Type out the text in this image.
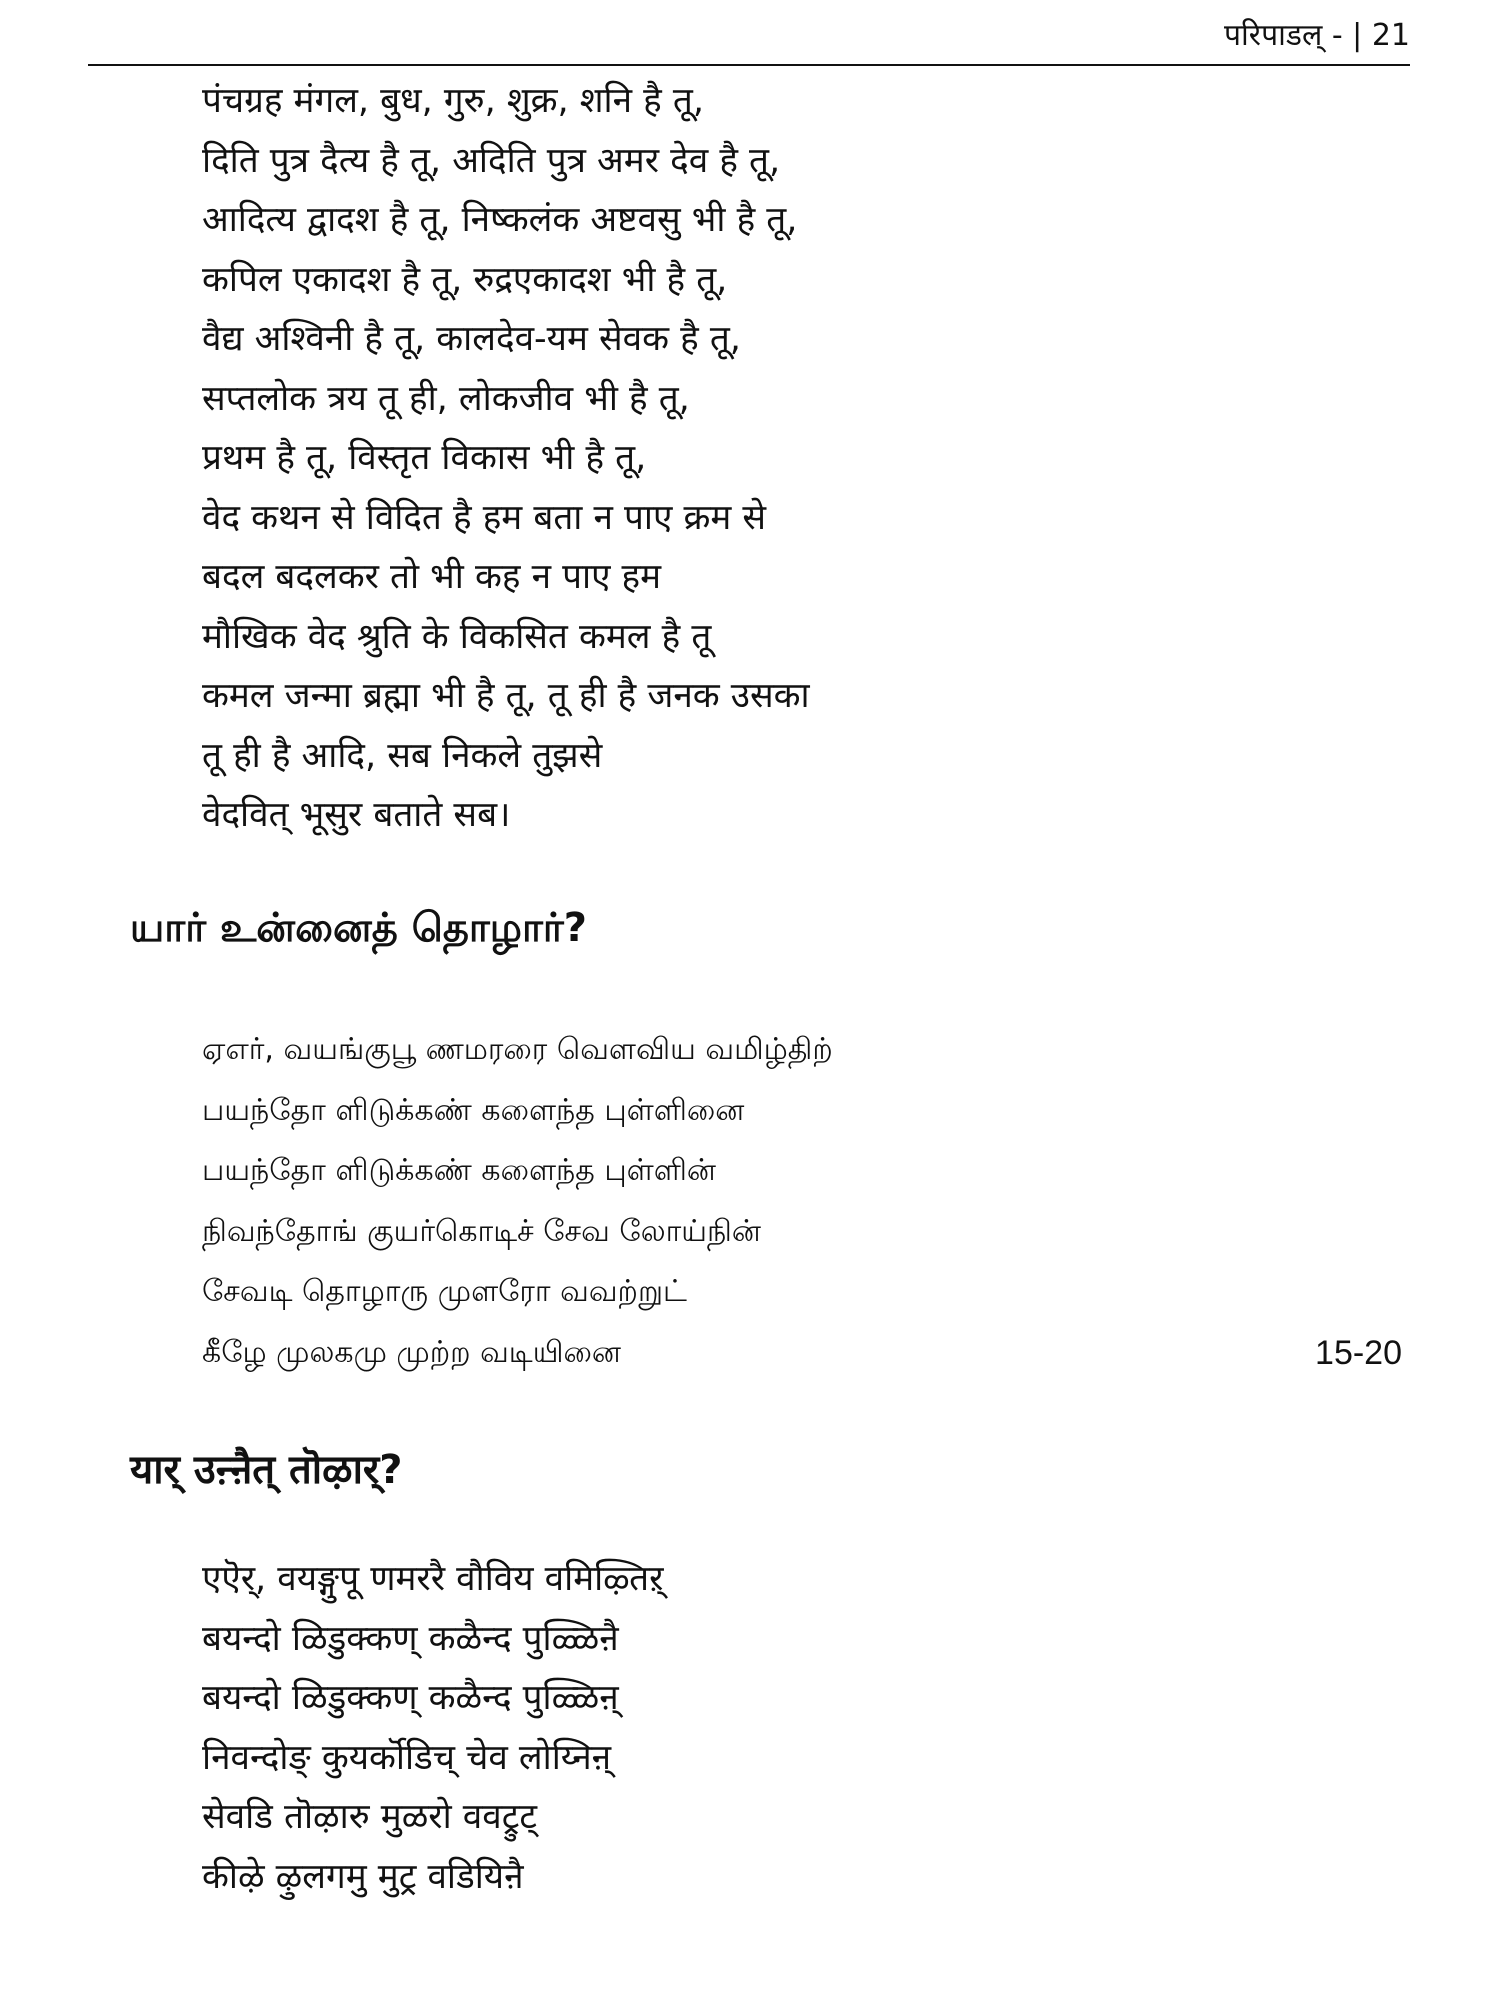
परिपाडल् - | 21
पंचग्रह मंगल, बुध, गुरु, शुक्र, शनि है तू,
दिति पुत्र दैत्य है तू, अदिति पुत्र अमर देव है तू,
आदित्य द्वादश है तू, निष्कलंक अष्टवसु भी है तू,
कपिल एकादश है तू, रुद्रएकादश भी है तू,
वैद्य अश्विनी है तू, कालदेव-यम सेवक है तू,
सप्तलोक त्रय तू ही, लोकजीव भी है तू,
प्रथम है तू, विस्तृत विकास भी है तू,
वेद कथन से विदित है हम बता न पाए क्रम से
बदल बदलकर तो भी कह न पाए हम
मौखिक वेद श्रुति के विकसित कमल है तू
कमल जन्मा ब्रह्मा भी है तू, तू ही है जनक उसका
तू ही है आदि, सब निकले तुझसे
वेदवित् भूसुर बताते सब।
யார் உன்னைத் தொழார்?
ஏஎர், வயங்குபூ ணமரரை வெளவிய வமிழ்திற்
பயந்தோ ளிடுக்கண் களைந்த புள்ளினை
பயந்தோ ளிடுக்கண் களைந்த புள்ளின்
நிவந்தோங் குயர்கொடிச் சேவ லோய்நின்
சேவடி தொழாரு முளரோ வவற்றுட்
கீழே முலகமு முற்ற வடியினை	15-20
यार् उऩ्ऩैत् तॊऴार्?
एऎर्, वयङ्गुपू णमररै वौविय वमिऴ्तिऱ्
बयन्दो ळिडुक्कण् कळैन्द पुळ्ळिऩै
बयन्दो ळिडुक्कण् कळैन्द पुळ्ळिऩ्
निवन्दोङ् कुयर्कॊडिच् चेव लोय्निऩ्
सेवडि तॊऴारु मुळरो ववट्रुट्
कीऴे ऴुलगमु मुट्र वडियिऩै
